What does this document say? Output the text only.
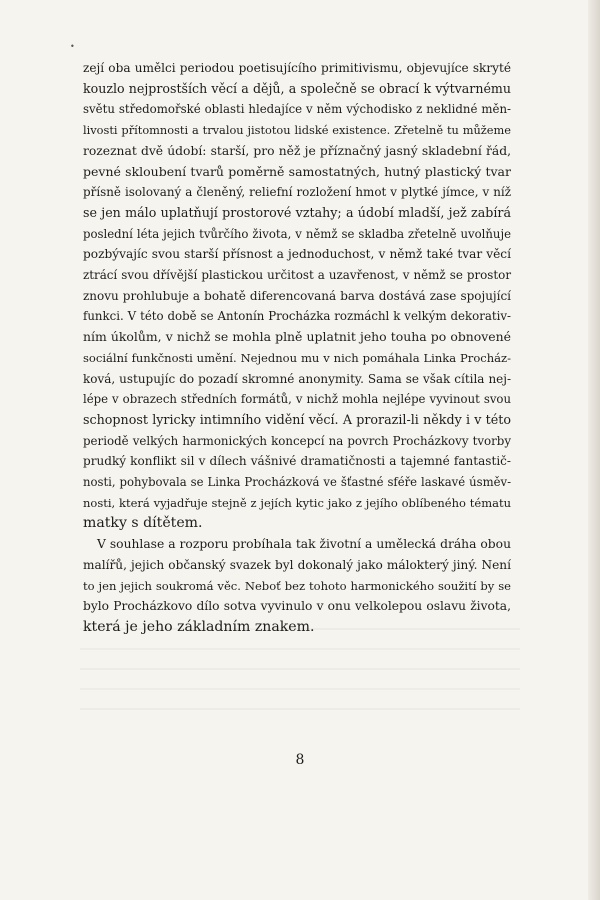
•
zejí oba umělci periodou poetisujícího primitivismu, objevujíce skryté
kouzlo nejprostších věcí a dějů, a společně se obrací k výtvarnému
světu středomořské oblasti hledajíce v něm východisko z neklidné měn-
livosti přítomnosti a trvalou jistotou lidské existence. Zřetelně tu můžeme
rozeznat dvě údobí: starší, pro něž je příznačný jasný skladební řád,
pevné skloubení tvarů poměrně samostatných, hutný plastický tvar
přísně isolovaný a členěný, reliefní rozložení hmot v plytké jímce, v níž
se jen málo uplatňují prostorové vztahy; a údobí mladší, jež zabírá
poslední léta jejich tvůrčího života, v němž se skladba zřetelně uvolňuje
pozbývajíc svou starší přísnost a jednoduchost, v němž také tvar věcí
ztrácí svou dřívější plastickou určitost a uzavřenost, v němž se prostor
znovu prohlubuje a bohatě diferencovaná barva dostává zase spojující
funkci. V této době se Antonín Procházka rozmáchl k velkým dekorativ-
ním úkolům, v nichž se mohla plně uplatnit jeho touha po obnovené
sociální funkčnosti umění. Nejednou mu v nich pomáhala Linka Procház-
ková, ustupujíc do pozadí skromné anonymity. Sama se však cítila nej-
lépe v obrazech středních formátů, v nichž mohla nejlépe vyvinout svou
schopnost lyricky intimního vidění věcí. A prorazil-li někdy i v této
periodě velkých harmonických koncepcí na povrch Procházkovy tvorby
prudký konflikt sil v dílech vášnivé dramatičnosti a tajemné fantastič-
nosti, pohybovala se Linka Procházková ve šťastné sféře laskavé úsměv-
nosti, která vyjadřuje stejně z jejích kytic jako z jejího oblíbeného tématu
matky s dítětem.
V souhlase a rozporu probíhala tak životní a umělecká dráha obou
malířů, jejich občanský svazek byl dokonalý jako málokterý jiný. Není
to jen jejich soukromá věc. Neboť bez tohoto harmonického soužití by se
bylo Procházkovo dílo sotva vyvinulo v onu velkolepou oslavu života,
která je jeho základním znakem.
8
